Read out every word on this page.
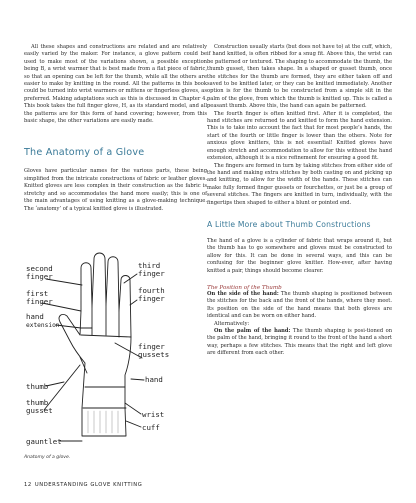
All these shapes and constructions are related and are relatively easily varied by the maker. For instance, a glove pattern could be used to make most of the variations shown, a possible exception being B, a wrist warmer that is best made from a flat piece of fabric, so that an opening can be left for the thumb, while all the others are easier to make by knitting in the round. All the patterns in this book could be turned into wrist warmers or mittens or fingerless gloves, as preferred. Making adaptations such as this is discussed in Chapter 4. This book takes the full finger glove, H, as its standard model, and all the patterns are for this form of hand covering; however, from this basic shape, the other variations are easily made.

The Anatomy of a Glove

Gloves have particular names for the various parts, these being simplified from the intricate constructions of fabric or leather gloves. Knitted gloves are less complex in their construction as the fabric is stretchy and so accommodates the hand more easily; this is one of the main advantages of using knitting as a glove-making technique. The ‘anatomy’ of a typical knitted glove is illustrated.

second
finger
first
finger
hand
extension
third
finger
fourth
finger
finger
gussets
hand
thumb
thumb
gusset	wrist
cuff
gauntlet
Anatomy of a glove.

Construction usually starts (but does not have to) at the cuff, which, if hand knitted, is often ribbed for a snug fit. Above this, the wrist can be patterned or textured. The shaping to accommodate the thumb, the thumb gusset, then takes shape. In a shaped or gusset thumb, once the stitches for the thumb are formed, they are either taken off and saved to be knitted later, or they can be knitted immediately. Another option is for the thumb to be constructed from a simple slit in the palm of the glove, from which the thumb is knitted up. This is called a peasant thumb. Above this, the hand can again be patterned.

The fourth finger is often knitted first. After it is completed, the hand stitches are returned to and knitted to form the hand extension. This is to take into account the fact that for most people’s hands, the start of the fourth or little finger is lower than the others. Note for anxious glove knitters, this is not essential! Knitted gloves have enough stretch and accommodation to allow for this without the hand extension, although it is a nice refinement for ensuring a good fit.

The fingers are formed in turn by taking stitches from either side of the hand and making extra stitches by both casting on and picking up and knitting, to allow for the width of the hands. These stitches can make fully formed finger gussets or fourchettes, or just be a group of several stitches. The fingers are knitted in turn, individually, with the fingertips then shaped to either a blunt or pointed end.

A Little More about Thumb Constructions

The hand of a glove is a cylinder of fabric that wraps around it, but the thumb has to go somewhere and gloves must be constructed to allow for this. It can be done in several ways, and this can be confusing for the beginner glove knitter. How-ever, after having knitted a pair, things should become clearer.

The Position of the Thumb

On the side of the hand: The thumb shaping is positioned between the stitches for the back and the front of the hands, where they meet. Its position on the side of the hand means that both gloves are identical and can be worn on either hand.

Alternatively:

On the palm of the hand: The thumb shaping is posi-tioned on the palm of the hand, bringing it round to the front of the hand a short way, perhaps a few stitches. This means that the right and left glove are different from each other.

12 UNDERSTANDING GLOVE KNITTING
